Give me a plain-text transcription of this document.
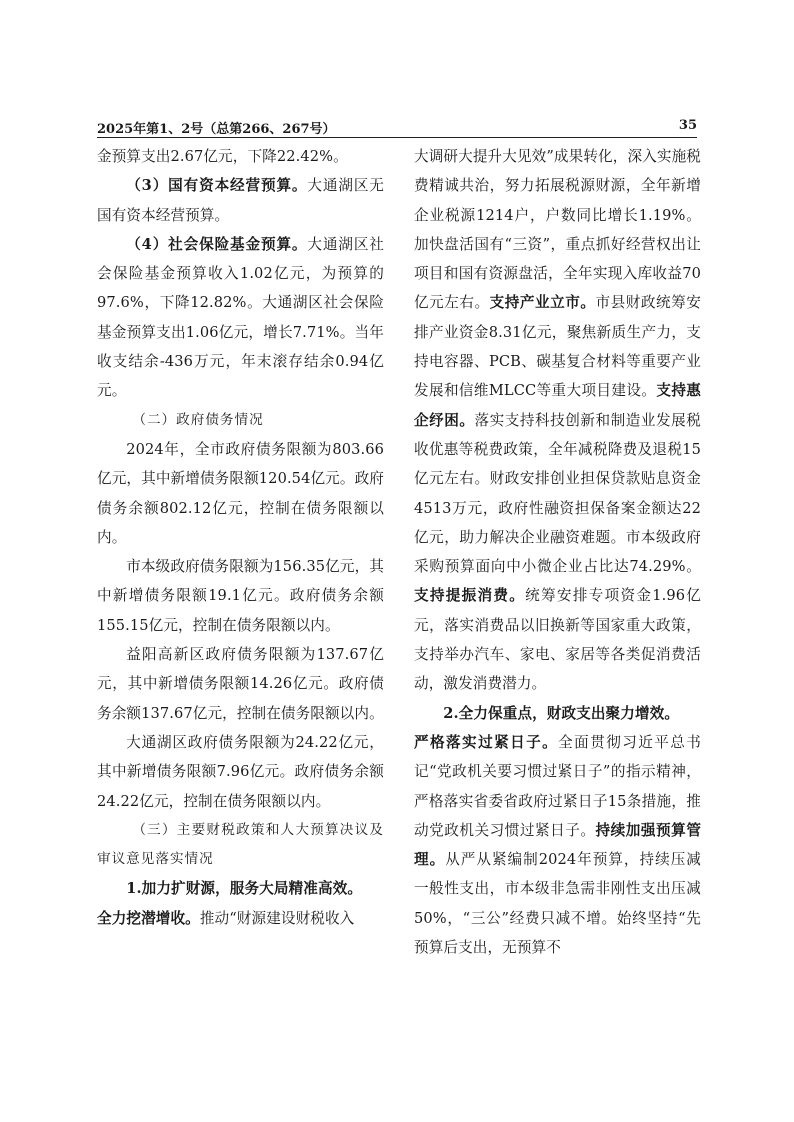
2025年第1、2号（总第266、267号）	35

金预算支出2.67亿元，下降22.42%。

（3）国有资本经营预算。大通湖区无国有资本经营预算。

（4）社会保险基金预算。大通湖区社会保险基金预算收入1.02亿元，为预算的97.6%，下降12.82%。大通湖区社会保险基金预算支出1.06亿元，增长7.71%。当年收支结余-436万元，年末滚存结余0.94亿元。

（二）政府债务情况

2024年，全市政府债务限额为803.66亿元，其中新增债务限额120.54亿元。政府债务余额802.12亿元，控制在债务限额以内。

市本级政府债务限额为156.35亿元，其中新增债务限额19.1亿元。政府债务余额155.15亿元，控制在债务限额以内。

益阳高新区政府债务限额为137.67亿元，其中新增债务限额14.26亿元。政府债务余额137.67亿元，控制在债务限额以内。

大通湖区政府债务限额为24.22亿元，其中新增债务限额7.96亿元。政府债务余额24.22亿元，控制在债务限额以内。

（三）主要财税政策和人大预算决议及审议意见落实情况

1.加力扩财源，服务大局精准高效。

全力挖潜增收。推动“财源建设财税收入

大调研大提升大见效”成果转化，深入实施税费精诚共治，努力拓展税源财源，全年新增企业税源1214户，户数同比增长1.19%。加快盘活国有“三资”，重点抓好经营权出让项目和国有资源盘活，全年实现入库收益70亿元左右。支持产业立市。市县财政统筹安排产业资金8.31亿元，聚焦新质生产力，支持电容器、PCB、碳基复合材料等重要产业发展和信维MLCC等重大项目建设。支持惠企纾困。落实支持科技创新和制造业发展税收优惠等税费政策，全年减税降费及退税15亿元左右。财政安排创业担保贷款贴息资金4513万元，政府性融资担保备案金额达22亿元，助力解决企业融资难题。市本级政府采购预算面向中小微企业占比达74.29%。支持提振消费。统筹安排专项资金1.96亿元，落实消费品以旧换新等国家重大政策，支持举办汽车、家电、家居等各类促消费活动，激发消费潜力。

2.全力保重点，财政支出聚力增效。

严格落实过紧日子。全面贯彻习近平总书记“党政机关要习惯过紧日子”的指示精神，严格落实省委省政府过紧日子15条措施，推动党政机关习惯过紧日子。持续加强预算管理。从严从紧编制2024年预算，持续压减一般性支出，市本级非急需非刚性支出压减50%，“三公”经费只减不增。始终坚持“先预算后支出，无预算不
